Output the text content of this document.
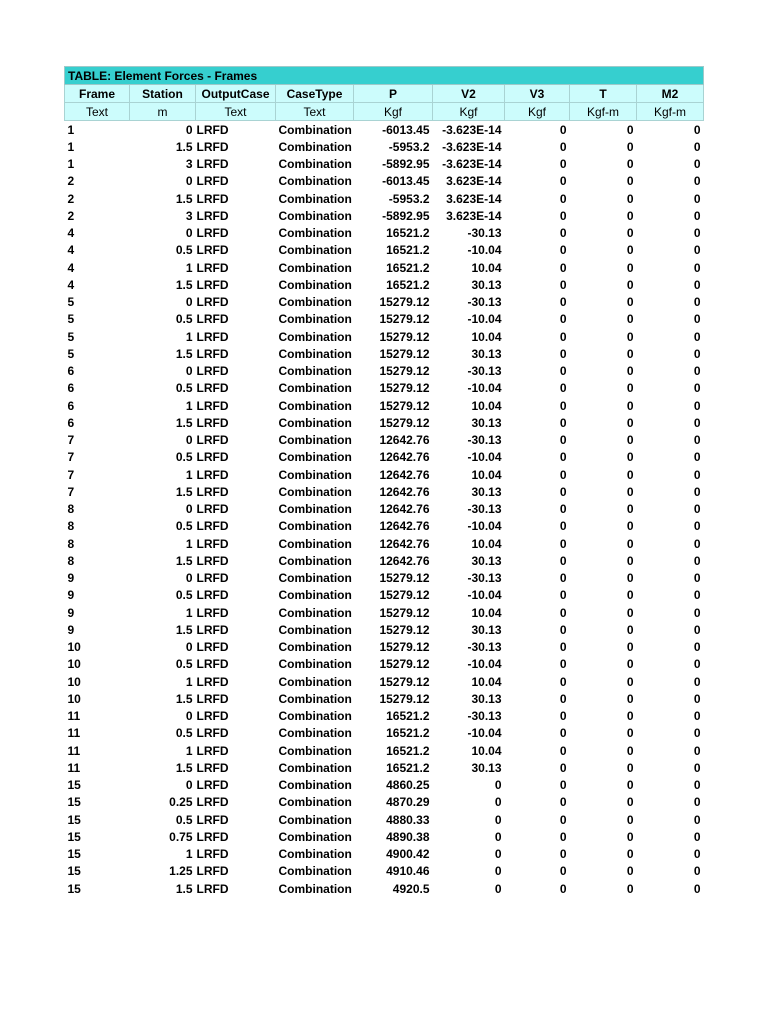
TABLE: Element Forces - Frames								
Frame	Station	OutputCase	CaseType	P	V2	V3	T	M2
Text	m	Text	Text	Kgf	Kgf	Kgf	Kgf-m	Kgf-m
1	0	LRFD	Combination	-6013.45	-3.623E-14	0	0	0
1	1.5	LRFD	Combination	-5953.2	-3.623E-14	0	0	0
1	3	LRFD	Combination	-5892.95	-3.623E-14	0	0	0
2	0	LRFD	Combination	-6013.45	3.623E-14	0	0	0
2	1.5	LRFD	Combination	-5953.2	3.623E-14	0	0	0
2	3	LRFD	Combination	-5892.95	3.623E-14	0	0	0
4	0	LRFD	Combination	16521.2	-30.13	0	0	0
4	0.5	LRFD	Combination	16521.2	-10.04	0	0	0
4	1	LRFD	Combination	16521.2	10.04	0	0	0
4	1.5	LRFD	Combination	16521.2	30.13	0	0	0
5	0	LRFD	Combination	15279.12	-30.13	0	0	0
5	0.5	LRFD	Combination	15279.12	-10.04	0	0	0
5	1	LRFD	Combination	15279.12	10.04	0	0	0
5	1.5	LRFD	Combination	15279.12	30.13	0	0	0
6	0	LRFD	Combination	15279.12	-30.13	0	0	0
6	0.5	LRFD	Combination	15279.12	-10.04	0	0	0
6	1	LRFD	Combination	15279.12	10.04	0	0	0
6	1.5	LRFD	Combination	15279.12	30.13	0	0	0
7	0	LRFD	Combination	12642.76	-30.13	0	0	0
7	0.5	LRFD	Combination	12642.76	-10.04	0	0	0
7	1	LRFD	Combination	12642.76	10.04	0	0	0
7	1.5	LRFD	Combination	12642.76	30.13	0	0	0
8	0	LRFD	Combination	12642.76	-30.13	0	0	0
8	0.5	LRFD	Combination	12642.76	-10.04	0	0	0
8	1	LRFD	Combination	12642.76	10.04	0	0	0
8	1.5	LRFD	Combination	12642.76	30.13	0	0	0
9	0	LRFD	Combination	15279.12	-30.13	0	0	0
9	0.5	LRFD	Combination	15279.12	-10.04	0	0	0
9	1	LRFD	Combination	15279.12	10.04	0	0	0
9	1.5	LRFD	Combination	15279.12	30.13	0	0	0
10	0	LRFD	Combination	15279.12	-30.13	0	0	0
10	0.5	LRFD	Combination	15279.12	-10.04	0	0	0
10	1	LRFD	Combination	15279.12	10.04	0	0	0
10	1.5	LRFD	Combination	15279.12	30.13	0	0	0
11	0	LRFD	Combination	16521.2	-30.13	0	0	0
11	0.5	LRFD	Combination	16521.2	-10.04	0	0	0
11	1	LRFD	Combination	16521.2	10.04	0	0	0
11	1.5	LRFD	Combination	16521.2	30.13	0	0	0
15	0	LRFD	Combination	4860.25	0	0	0	0
15	0.25	LRFD	Combination	4870.29	0	0	0	0
15	0.5	LRFD	Combination	4880.33	0	0	0	0
15	0.75	LRFD	Combination	4890.38	0	0	0	0
15	1	LRFD	Combination	4900.42	0	0	0	0
15	1.25	LRFD	Combination	4910.46	0	0	0	0
15	1.5	LRFD	Combination	4920.5	0	0	0	0
